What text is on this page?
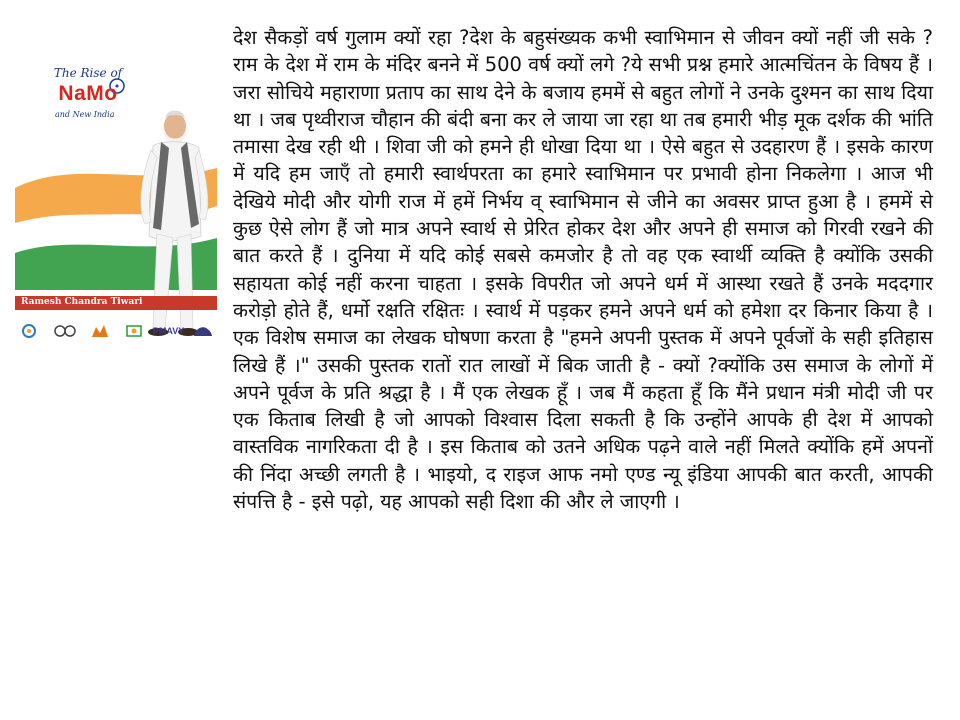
The Rise of
NaMo
and New India
Ramesh Chandra Tiwari
PMAVY
देश सैकड़ों वर्ष गुलाम क्यों रहा ?देश के बहुसंख्यक कभी स्वाभिमान से जीवन क्यों नहीं जी सके ?राम के देश में राम के मंदिर बनने में 500 वर्ष क्यों लगे ?ये सभी प्रश्न हमारे आत्मचिंतन के विषय हैं । जरा सोचिये महाराणा प्रताप का साथ देने के बजाय हममें से बहुत लोगों ने उनके दुश्मन का साथ दिया था । जब पृथ्वीराज चौहान की बंदी बना कर ले जाया जा रहा था तब हमारी भीड़ मूक दर्शक की भांति तमासा देख रही थी । शिवा जी को हमने ही धोखा दिया था । ऐसे बहुत से उदहारण हैं । इसके कारण में यदि हम जाएँ तो हमारी स्वार्थपरता का हमारे स्वाभिमान पर प्रभावी होना निकलेगा । आज भी देखिये मोदी और योगी राज में हमें निर्भय व् स्वाभिमान से जीने का अवसर प्राप्त हुआ है । हममें से कुछ ऐसे लोग हैं जो मात्र अपने स्वार्थ से प्रेरित होकर देश और अपने ही समाज को गिरवी रखने की बात करते हैं । दुनिया में यदि कोई सबसे कमजोर है तो वह एक स्वार्थी व्यक्ति है क्योंकि उसकी सहायता कोई नहीं करना चाहता । इसके विपरीत जो अपने धर्म में आस्था रखते हैं उनके मददगार करोड़ो होते हैं, धर्मो रक्षति रक्षितः । स्वार्थ में पड़कर हमने अपने धर्म को हमेशा दर किनार किया है । एक विशेष समाज का लेखक घोषणा करता है "हमने अपनी पुस्तक में अपने पूर्वजों के सही इतिहास लिखे हैं ।" उसकी पुस्तक रातों रात लाखों में बिक जाती है - क्यों ?क्योंकि उस समाज के लोगों में अपने पूर्वज के प्रति श्रद्धा है । मैं एक लेखक हूँ । जब मैं कहता हूँ कि मैंने प्रधान मंत्री मोदी जी पर एक किताब लिखी है जो आपको विश्वास दिला सकती है कि उन्होंने आपके ही देश में आपको वास्तविक नागरिकता दी है । इस किताब को उतने अधिक पढ़ने वाले नहीं मिलते क्योंकि हमें अपनों की निंदा अच्छी लगती है । भाइयो, द राइज आफ नमो एण्ड न्यू इंडिया आपकी बात करती, आपकी संपत्ति है - इसे पढ़ो, यह आपको सही दिशा की और ले जाएगी ।
